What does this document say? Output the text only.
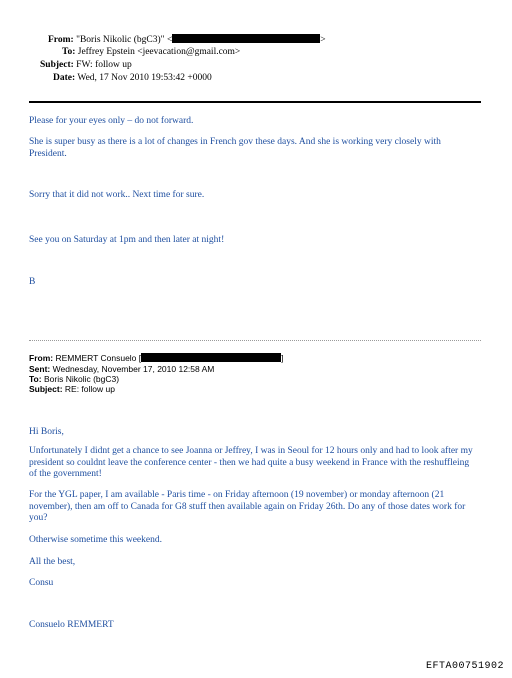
From: "Boris Nikolic (bgC3)" <	>
To: Jeffrey Epstein <jeevacation@gmail.com>
Subject: FW: follow up
Date: Wed, 17 Nov 2010 19:53:42 +0000
Please for your eyes only – do not forward.
She is super busy as there is a lot of changes in French gov these days. And she is working very closely with President.
Sorry that it did not work.. Next time for sure.
See you on Saturday at 1pm and then later at night!
B
From: REMMERT Consuelo [	]
Sent: Wednesday, November 17, 2010 12:58 AM
To: Boris Nikolic (bgC3)
Subject: RE: follow up
Hi Boris,
Unfortunately I didnt get a chance to see Joanna or Jeffrey, I was in Seoul for 12 hours only and had to look after my president so couldnt leave the conference center - then we had quite a busy weekend in France with the reshuffleing of the government!
For the YGL paper, I am available - Paris time - on Friday afternoon (19 november) or monday afternoon (21 november), then am off to Canada for G8 stuff then available again on Friday 26th. Do any of those dates work for you?
Otherwise sometime this weekend.
All the best,
Consu
Consuelo REMMERT
EFTA00751902
